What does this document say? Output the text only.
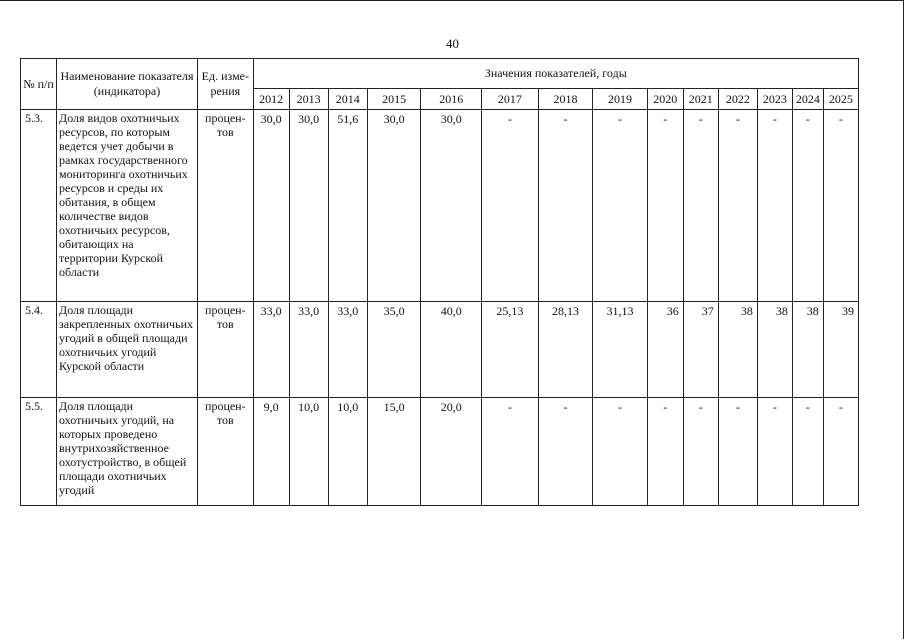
40
№ п/п	Наименование показателя (индикатора)	Ед. изме- рения	Значения показателей, годы													
			2012	2013	2014	2015	2016	2017	2018	2019	2020	2021	2022	2023	2024	2025
5.3.	Доля видов охотничьих ресурсов, по которым ведется учет добычи в рамках государственного мониторинга охотничьих ресурсов и среды их обитания, в общем количестве видов охотничьих ресурсов, обитающих на территории Курской области	процен- тов	30,0	30,0	51,6	30,0	30,0	-	-	-	-	-	-	-	-	-
5.4.	Доля площади закрепленных охотничьих угодий в общей площади охотничьих угодий Курской области	процен- тов	33,0	33,0	33,0	35,0	40,0	25,13	28,13	31,13	36	37	38	38	38	39
5.5.	Доля площади охотничьих угодий, на которых проведено внутрихозяйственное охотустройство, в общей площади охотничьих угодий	процен- тов	9,0	10,0	10,0	15,0	20,0	-	-	-	-	-	-	-	-	-
